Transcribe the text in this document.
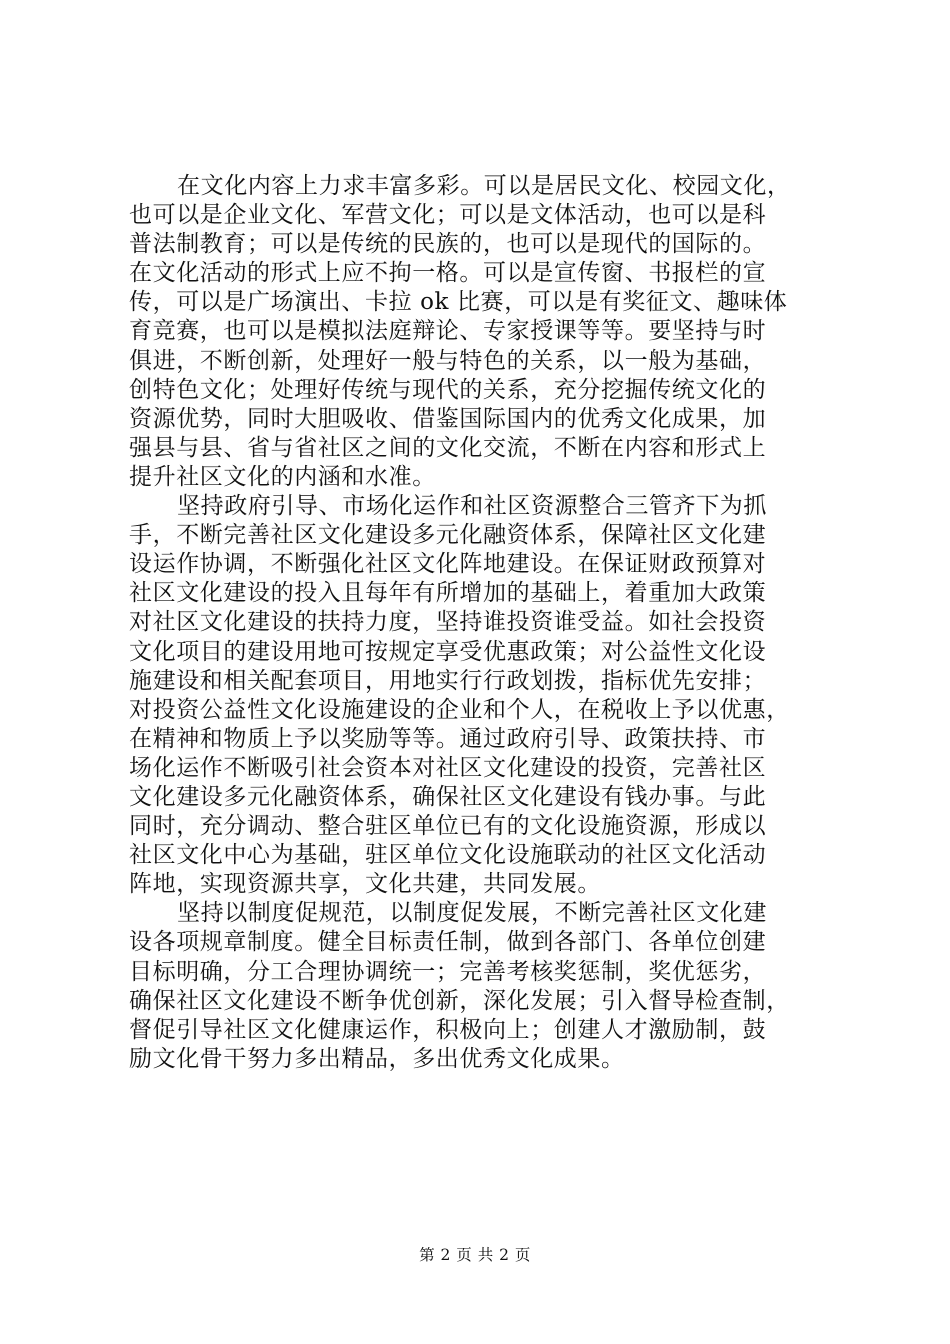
在文化内容上力求丰富多彩。可以是居民文化、校园文化，
也可以是企业文化、军营文化；可以是文体活动，也可以是科
普法制教育；可以是传统的民族的，也可以是现代的国际的。
在文化活动的形式上应不拘一格。可以是宣传窗、书报栏的宣
传，可以是广场演出、卡拉 ok 比赛，可以是有奖征文、趣味体
育竞赛，也可以是模拟法庭辩论、专家授课等等。要坚持与时
俱进，不断创新，处理好一般与特色的关系，以一般为基础，
创特色文化；处理好传统与现代的关系，充分挖掘传统文化的
资源优势，同时大胆吸收、借鉴国际国内的优秀文化成果，加
强县与县、省与省社区之间的文化交流，不断在内容和形式上
提升社区文化的内涵和水准。
坚持政府引导、市场化运作和社区资源整合三管齐下为抓
手，不断完善社区文化建设多元化融资体系，保障社区文化建
设运作协调，不断强化社区文化阵地建设。在保证财政预算对
社区文化建设的投入且每年有所增加的基础上，着重加大政策
对社区文化建设的扶持力度，坚持谁投资谁受益。如社会投资
文化项目的建设用地可按规定享受优惠政策；对公益性文化设
施建设和相关配套项目，用地实行行政划拨，指标优先安排；
对投资公益性文化设施建设的企业和个人，在税收上予以优惠，
在精神和物质上予以奖励等等。通过政府引导、政策扶持、市
场化运作不断吸引社会资本对社区文化建设的投资，完善社区
文化建设多元化融资体系，确保社区文化建设有钱办事。与此
同时，充分调动、整合驻区单位已有的文化设施资源，形成以
社区文化中心为基础，驻区单位文化设施联动的社区文化活动
阵地，实现资源共享，文化共建，共同发展。
坚持以制度促规范，以制度促发展，不断完善社区文化建
设各项规章制度。健全目标责任制，做到各部门、各单位创建
目标明确，分工合理协调统一；完善考核奖惩制，奖优惩劣，
确保社区文化建设不断争优创新，深化发展；引入督导检查制，
督促引导社区文化健康运作，积极向上；创建人才激励制，鼓
励文化骨干努力多出精品，多出优秀文化成果。
第 2 页 共 2 页
